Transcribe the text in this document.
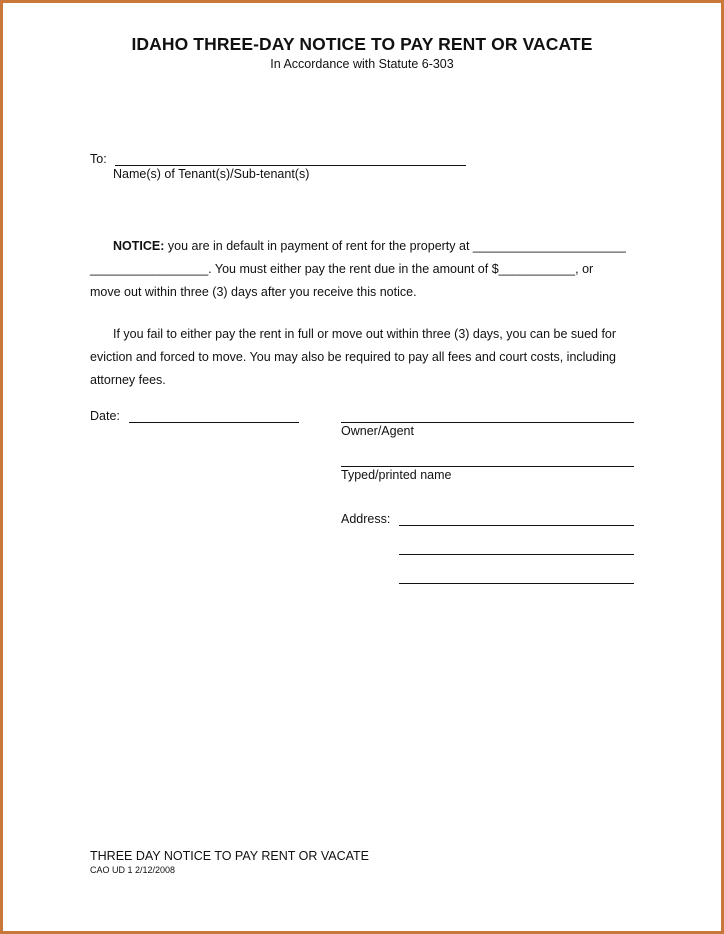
IDAHO THREE-DAY NOTICE TO PAY RENT OR VACATE
In Accordance with Statute 6-303
To:
Name(s) of Tenant(s)/Sub-tenant(s)
NOTICE: you are in default in payment of rent for the property at ______________________
_________________. You must either pay the rent due in the amount of $___________, or
move out within three (3) days after you receive this notice.
If you fail to either pay the rent in full or move out within three (3) days, you can be sued for
eviction and forced to move. You may also be required to pay all fees and court costs, including
attorney fees.
Date:
Owner/Agent
Typed/printed name
Address:
THREE DAY NOTICE TO PAY RENT OR VACATE
CAO UD 1 2/12/2008
